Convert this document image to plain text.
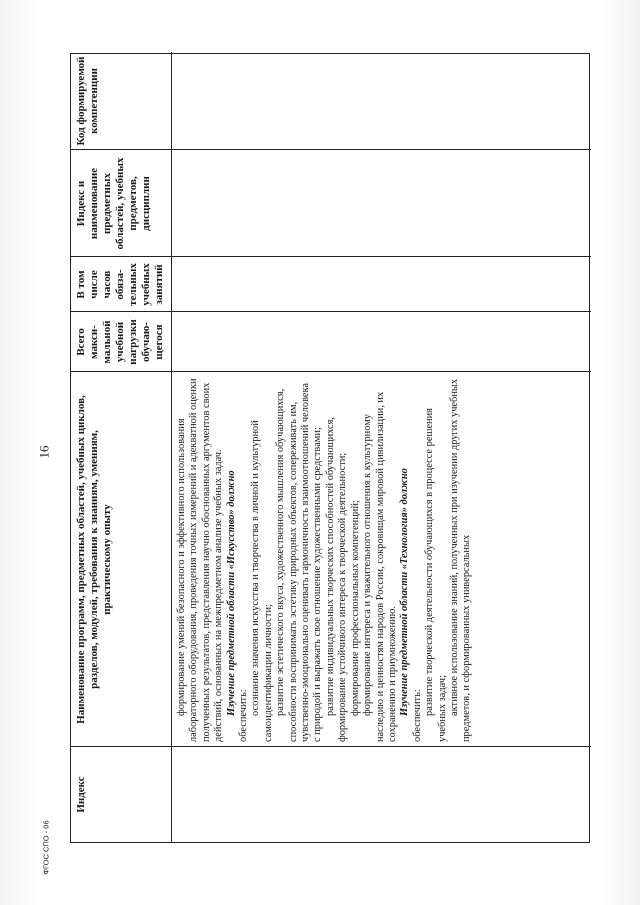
16
ФГОС СПО - 06
Индекс
Наименование программ, предметных областей, учебных циклов, разделов, модулей, требования к знаниям, умениям, практическому опыту
Всего макси-мальной учебной нагрузки обучаю-щегося
В том числе часов обяза-тельных учебных занятий
Индекс и наименование предметных областей, учебных предметов, дисциплин
Код формируемой компетенции

формирование умений безопасного и эффективного использования лабораторного оборудования, проведения точных измерений и адекватной оценки полученных результатов, представления научно обоснованных аргументов своих действий, основанных на межпредметном анализе учебных задач. Изучение предметной области «Искусство» должно обеспечить: осознание значения искусства и творчества в личной и культурной самоидентификации личности; развитие эстетического вкуса, художественного мышления обучающихся, способности воспринимать эстетику природных объектов, сопереживать им, чувственно-эмоционально оценивать гармоничность взаимоотношений человека с природой и выражать свое отношение художественными средствами; развитие индивидуальных творческих способностей обучающихся, формирование устойчивого интереса к творческой деятельности; формирование профессиональных компетенций; формирование интереса и уважительного отношения к культурному наследию и ценностям народов России, сокровищам мировой цивилизации, их сохранению и приумножению. Изучение предметной области «Технология» должно обеспечить: развитие творческой деятельности обучающихся в процессе решения учебных задач; активное использование знаний, полученных при изучении других учебных предметов, и сформированных универсальных
